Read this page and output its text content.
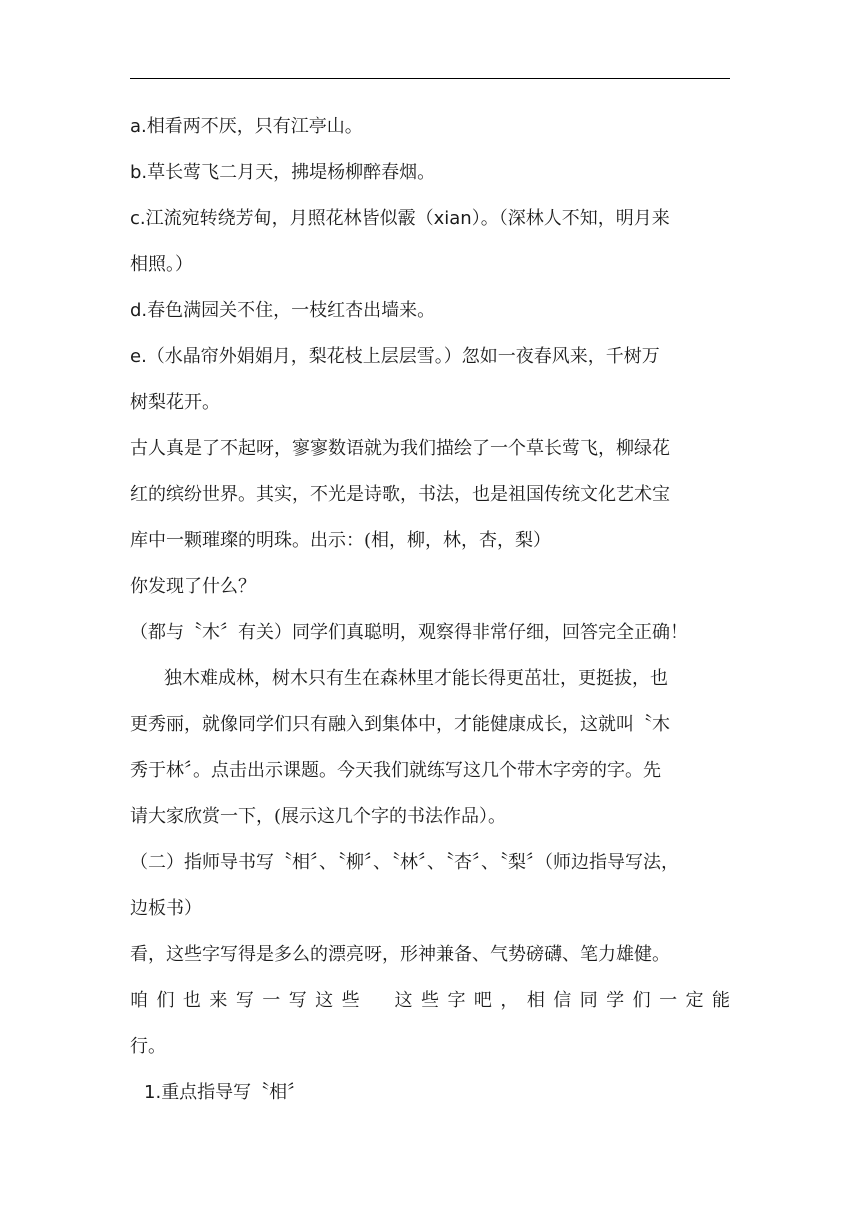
a.相看两不厌，只有江亭山。
b.草长莺飞二月天，拂堤杨柳醉春烟。
c.江流宛转绕芳甸，月照花林皆似霰（xian）。（深林人不知，明月来
相照。）
d.春色满园关不住，一枝红杏出墙来。
e.（水晶帘外娟娟月，梨花枝上层层雪。）忽如一夜春风来，千树万
树梨花开。
古人真是了不起呀，寥寥数语就为我们描绘了一个草长莺飞，柳绿花
红的缤纷世界。其实，不光是诗歌，书法，也是祖国传统文化艺术宝
库中一颗璀璨的明珠。出示：(相，柳，林，杏，梨）
你发现了什么？
（都与〝木〞有关）同学们真聪明，观察得非常仔细，回答完全正确！
独木难成林，树木只有生在森林里才能长得更茁壮，更挺拔，也
更秀丽，就像同学们只有融入到集体中，才能健康成长，这就叫〝木
秀于林〞。点击出示课题。今天我们就练写这几个带木字旁的字。先
请大家欣赏一下，(展示这几个字的书法作品）。
（二）指师导书写〝相〞、〝柳〞、〝林〞、〝杏〞、〝梨〞（师边指导写法，
边板书）
看，这些字写得是多么的漂亮呀，形神兼备、气势磅礴、笔力雄健。
咱们也来写一写这些　这些字吧，相信同学们一定能
行。
1.重点指导写〝相〞
